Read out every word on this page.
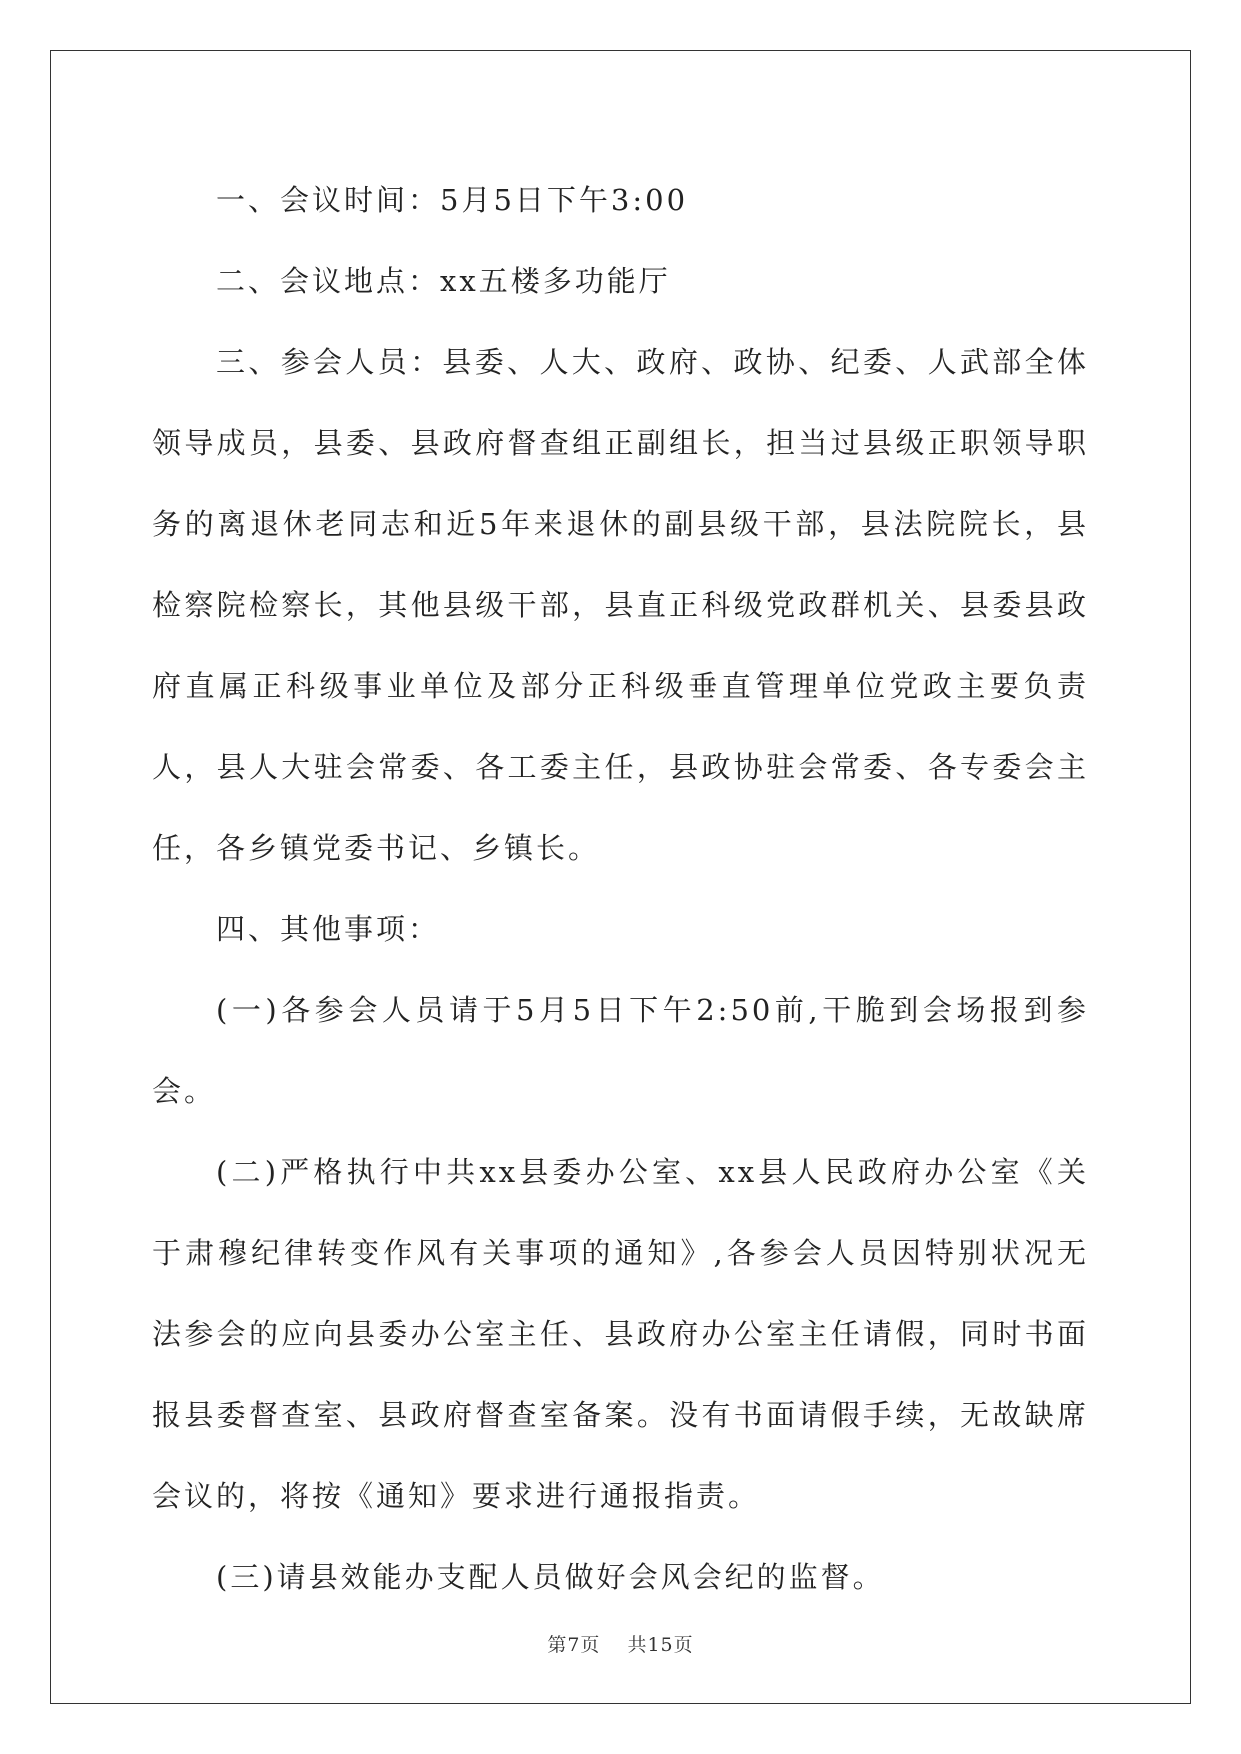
一、会议时间：5月5日下午3:00

二、会议地点：xx五楼多功能厅

三、参会人员：县委、人大、政府、政协、纪委、人武部全体领导成员，县委、县政府督查组正副组长，担当过县级正职领导职务的离退休老同志和近5年来退休的副县级干部，县法院院长，县检察院检察长，其他县级干部，县直正科级党政群机关、县委县政府直属正科级事业单位及部分正科级垂直管理单位党政主要负责人，县人大驻会常委、各工委主任，县政协驻会常委、各专委会主任，各乡镇党委书记、乡镇长。

四、其他事项：

(一)各参会人员请于5月5日下午2:50前,干脆到会场报到参会。

(二)严格执行中共xx县委办公室、xx县人民政府办公室《关于肃穆纪律转变作风有关事项的通知》,各参会人员因特别状况无法参会的应向县委办公室主任、县政府办公室主任请假，同时书面报县委督查室、县政府督查室备案。没有书面请假手续，无故缺席会议的，将按《通知》要求进行通报指责。

(三)请县效能办支配人员做好会风会纪的监督。

第7页 共15页
